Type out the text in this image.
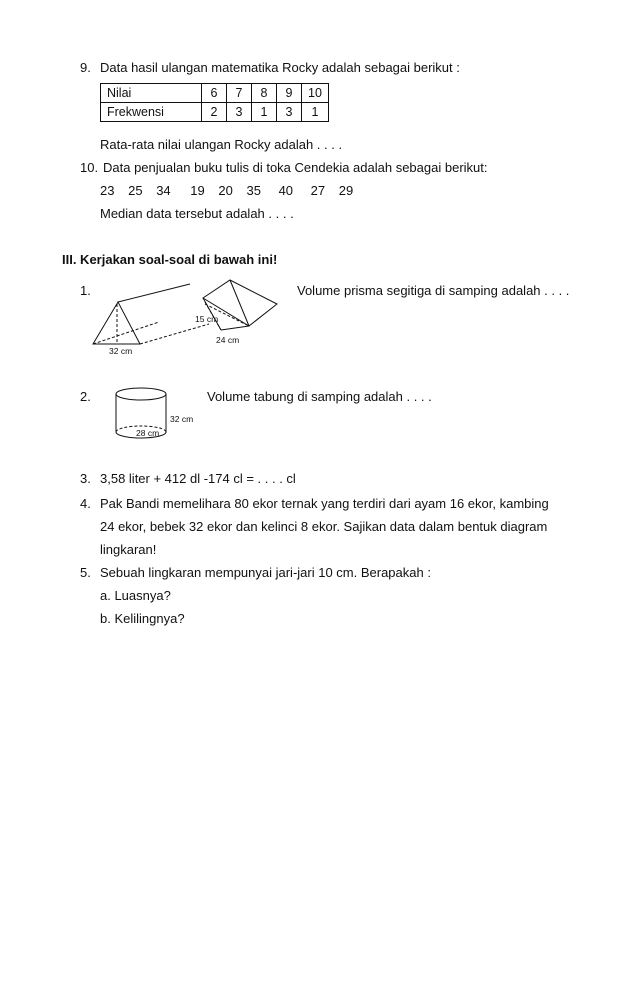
9. Data hasil ulangan matematika Rocky adalah sebagai berikut :
Nilai	6	7	8	9	10
Frekwensi	2	3	1	3	1
Rata-rata nilai ulangan Rocky adalah . . . .
10. Data penjualan buku tulis di toka Cendekia adalah sebagai berikut:
23 25 34 19 20 35 40 27 29
Median data tersebut adalah . . . .
III. Kerjakan soal-soal di bawah ini!
1.	Volume prisma segitiga di samping adalah . . . .
32 cm
15 cm
24 cm
2.	Volume tabung di samping adalah . . . .
32 cm
28 cm
3. 3,58 liter + 412 dl -174 cl = . . . . cl
4. Pak Bandi memelihara 80 ekor ternak yang terdiri dari ayam 16 ekor, kambing
24 ekor, bebek 32 ekor dan kelinci 8 ekor. Sajikan data dalam bentuk diagram
lingkaran!
5. Sebuah lingkaran mempunyai jari-jari 10 cm. Berapakah :
a. Luasnya?
b. Kelilingnya?
